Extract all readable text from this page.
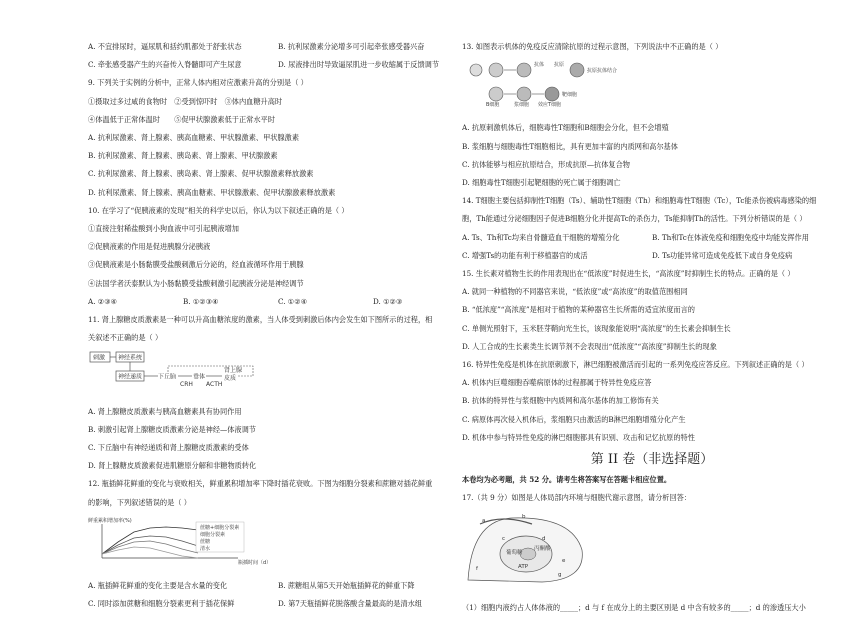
A. 不宜排尿时，逼尿肌和括约肌都处于舒张状态	B. 抗利尿激素分泌增多可引起牵张感受器兴奋
C. 牵张感受器产生的兴奋传入脊髓即可产生尿意	D. 尿液排出时导致逼尿肌进一步收缩属于反馈调节
9. 下列关于实例的分析中，正常人体内相对应激素升高的分别是（ ）
①摄取过多过咸的食物时　②受到惊吓时　③体内血糖升高时
④体温低于正常体温时　　⑤促甲状腺激素低于正常水平时
A. 抗利尿激素、肾上腺素、胰高血糖素、甲状腺激素、甲状腺激素
B. 抗利尿激素、肾上腺素、胰岛素、肾上腺素、甲状腺激素
C. 抗利尿激素、肾上腺素、胰岛素、肾上腺素、促甲状腺激素释放激素
D. 抗利尿激素、肾上腺素、胰高血糖素、甲状腺激素、促甲状腺激素释放激素
10. 在学习了“促胰液素的发现”相关的科学史以后，你认为以下叙述正确的是（ ）
①直接注射稀盐酸到小狗血液中可引起胰液增加
②促胰液素的作用是促进胰腺分泌胰液
③促胰液素是小肠黏膜受盐酸刺激后分泌的，经血液循环作用于胰腺
④法国学者沃泰默认为小肠黏膜受盐酸刺激引起胰液分泌是神经调节
A. ②③④	B. ①②③④	C. ①②④	D. ①②③
11. 肾上腺糖皮质激素是一种可以升高血糖浓度的激素，当人体受到刺激后体内会发生如下图所示的过程，相
关叙述不正确的是（ ）
刺激 神经系统
神经递质	下丘脑
CRH
垂体
ACTH
肾上腺
皮质
A. 肾上腺糖皮质激素与胰高血糖素具有协同作用
B. 刺激引起肾上腺糖皮质激素分泌是神经—体液调节
C. 下丘脑中有神经递质和肾上腺糖皮质激素的受体
D. 肾上腺糖皮质激素促进肌糖原分解和非糖物质转化
12. 瓶插鲜花鲜重的变化与衰败相关，鲜重累积增加率下降时插花衰败。下图为细胞分裂素和蔗糖对插花鲜重
的影响，下列叙述错误的是（ ）
鲜重累积增加率(%)
瓶插时间（d）
蔗糖+细胞分裂素
细胞分裂素
蔗糖
清水
A. 瓶插鲜花鲜重的变化主要是含水量的变化	B. 蔗糖组从第5天开始瓶插鲜花的鲜重下降
C. 同时添加蔗糖和细胞分裂素更利于插花保鲜	D. 第7天瓶插鲜花脱落酸含量最高的是清水组
13. 如图表示机体的免疫反应清除抗原的过程示意图，下列说法中不正确的是（ ）
抗体 抗原
抗原抗体结合
靶细胞
B细胞	浆细胞 效应T细胞
A. 抗原刺激机体后，细胞毒性T细胞和B细胞会分化，但不会增殖
B. 浆细胞与细胞毒性T细胞相比，具有更加丰富的内质网和高尔基体
C. 抗体能够与相应抗原结合，形成抗原—抗体复合物
D. 细胞毒性T细胞引起靶细胞的死亡属于细胞凋亡
14. T细胞主要包括抑制性T细胞（Ts）、辅助性T细胞（Th）和细胞毒性T细胞（Tc），Tc能杀伤被病毒感染的细
胞，Th能通过分泌细胞因子促进B细胞分化并提高Tc的杀伤力，Ts能抑制Th的活性。下列分析错误的是（ ）
A. Ts、Th和Tc均来自骨髓造血干细胞的增殖分化	B. Th和Tc在体液免疫和细胞免疫中均能发挥作用
C. 增强Ts的功能有利于移植器官的成活	D. Ts功能异常可造成免疫低下或自身免疫病
15. 生长素对植物生长的作用表现出在“低浓度”时促进生长，“高浓度”时抑制生长的特点。正确的是（ ）
A. 就同一种植物的不同器官来说，“低浓度”或“高浓度”的取值范围相同
B. “低浓度”“高浓度”是相对于植物的某种器官生长所需的适宜浓度而言的
C. 单侧光照射下，玉米胚芽鞘向光生长，该现象能说明“高浓度”的生长素会抑制生长
D. 人工合成的生长素类生长调节剂不会表现出“低浓度”“高浓度”抑制生长的现象
16. 特异性免疫是机体在抗原刺激下，淋巴细胞被激活而引起的一系列免疫应答反应。下列叙述正确的是（ ）
A. 机体内巨噬细胞吞噬病原体的过程都属于特异性免疫应答
B. 抗体的特异性与浆细胞中内质网和高尔基体的加工修饰有关
C. 病原体再次侵入机体后，浆细胞只由激活的B淋巴细胞增殖分化产生
D. 机体中参与特异性免疫的淋巴细胞都具有识别、攻击和记忆抗原的特性
第 II 卷（非选择题）
本卷均为必考题，共 52 分。请考生将答案写在答题卡相应位置。
17.（共 9 分）如图是人体局部内环境与细胞代谢示意图，请分析回答：
a
b
c	d
e
f
g
ATP
葡萄糖
丙酮酸
（1）细胞内液约占人体体液的_____；d 与 f 在成分上的主要区别是 d 中含有较多的_____；d 的渗透压大小
